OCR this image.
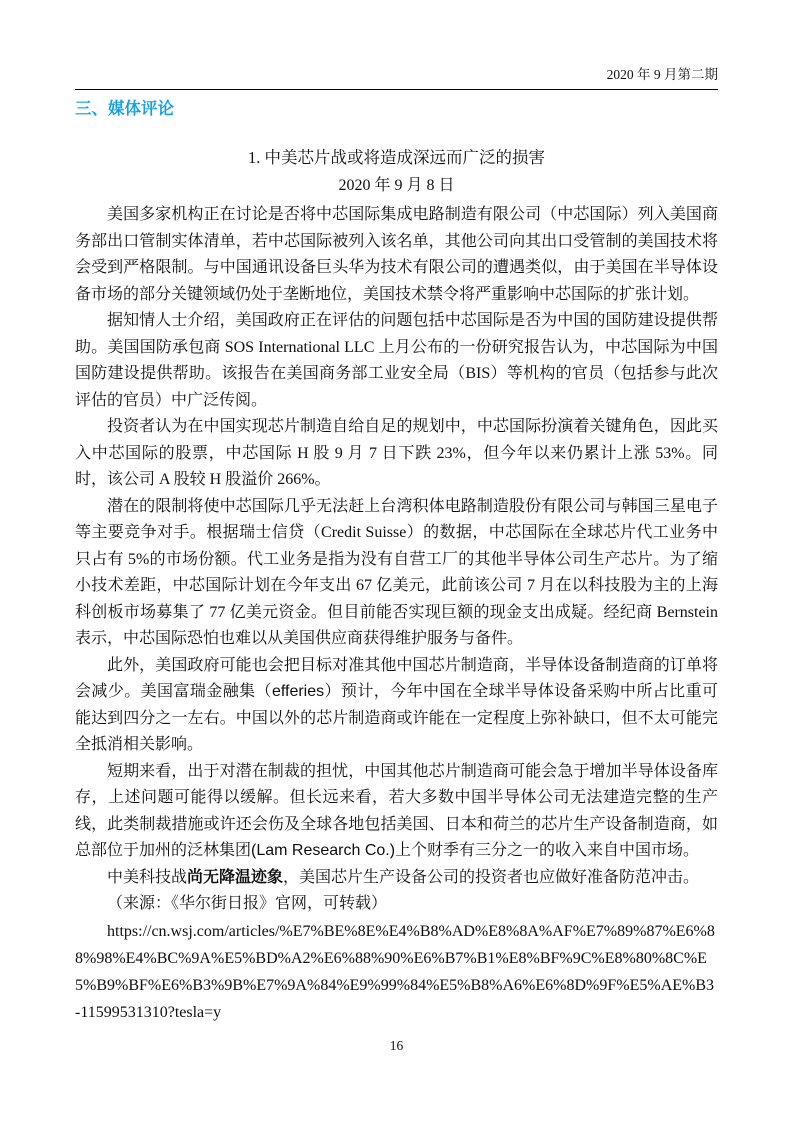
2020 年 9 月第二期
三、媒体评论
1. 中美芯片战或将造成深远而广泛的损害
2020 年 9 月 8 日

美国多家机构正在讨论是否将中芯国际集成电路制造有限公司（中芯国际）列入美国商务部出口管制实体清单，若中芯国际被列入该名单，其他公司向其出口受管制的美国技术将会受到严格限制。与中国通讯设备巨头华为技术有限公司的遭遇类似，由于美国在半导体设备市场的部分关键领域仍处于垄断地位，美国技术禁令将严重影响中芯国际的扩张计划。

据知情人士介绍，美国政府正在评估的问题包括中芯国际是否为中国的国防建设提供帮助。美国国防承包商 SOS International LLC 上月公布的一份研究报告认为，中芯国际为中国国防建设提供帮助。该报告在美国商务部工业安全局（BIS）等机构的官员（包括参与此次评估的官员）中广泛传阅。

投资者认为在中国实现芯片制造自给自足的规划中，中芯国际扮演着关键角色，因此买入中芯国际的股票，中芯国际 H 股 9 月 7 日下跌 23%，但今年以来仍累计上涨 53%。同时，该公司 A 股较 H 股溢价 266%。

潜在的限制将使中芯国际几乎无法赶上台湾积体电路制造股份有限公司与韩国三星电子等主要竞争对手。根据瑞士信贷（Credit Suisse）的数据，中芯国际在全球芯片代工业务中只占有 5%的市场份额。代工业务是指为没有自营工厂的其他半导体公司生产芯片。为了缩小技术差距，中芯国际计划在今年支出 67 亿美元，此前该公司 7 月在以科技股为主的上海科创板市场募集了 77 亿美元资金。但目前能否实现巨额的现金支出成疑。经纪商 Bernstein 表示，中芯国际恐怕也难以从美国供应商获得维护服务与备件。

此外，美国政府可能也会把目标对准其他中国芯片制造商，半导体设备制造商的订单将会减少。美国富瑞金融集（efferies）预计，今年中国在全球半导体设备采购中所占比重可能达到四分之一左右。中国以外的芯片制造商或许能在一定程度上弥补缺口，但不太可能完全抵消相关影响。

短期来看，出于对潜在制裁的担忧，中国其他芯片制造商可能会急于增加半导体设备库存，上述问题可能得以缓解。但长远来看，若大多数中国半导体公司无法建造完整的生产线，此类制裁措施或许还会伤及全球各地包括美国、日本和荷兰的芯片生产设备制造商，如总部位于加州的泛林集团(Lam Research Co.)上个财季有三分之一的收入来自中国市场。

中美科技战尚无降温迹象，美国芯片生产设备公司的投资者也应做好准备防范冲击。

（来源：《华尔街日报》官网，可转载）

https://cn.wsj.com/articles/%E7%BE%8E%E4%B8%AD%E8%8A%AF%E7%89%87%E6%88%98%E4%BC%9A%E5%BD%A2%E6%88%90%E6%B7%B1%E8%BF%9C%E8%80%8C%E5%B9%BF%E6%B3%9B%E7%9A%84%E9%99%84%E5%B8%A6%E6%8D%9F%E5%AE%B3-11599531310?tesla=y

16
